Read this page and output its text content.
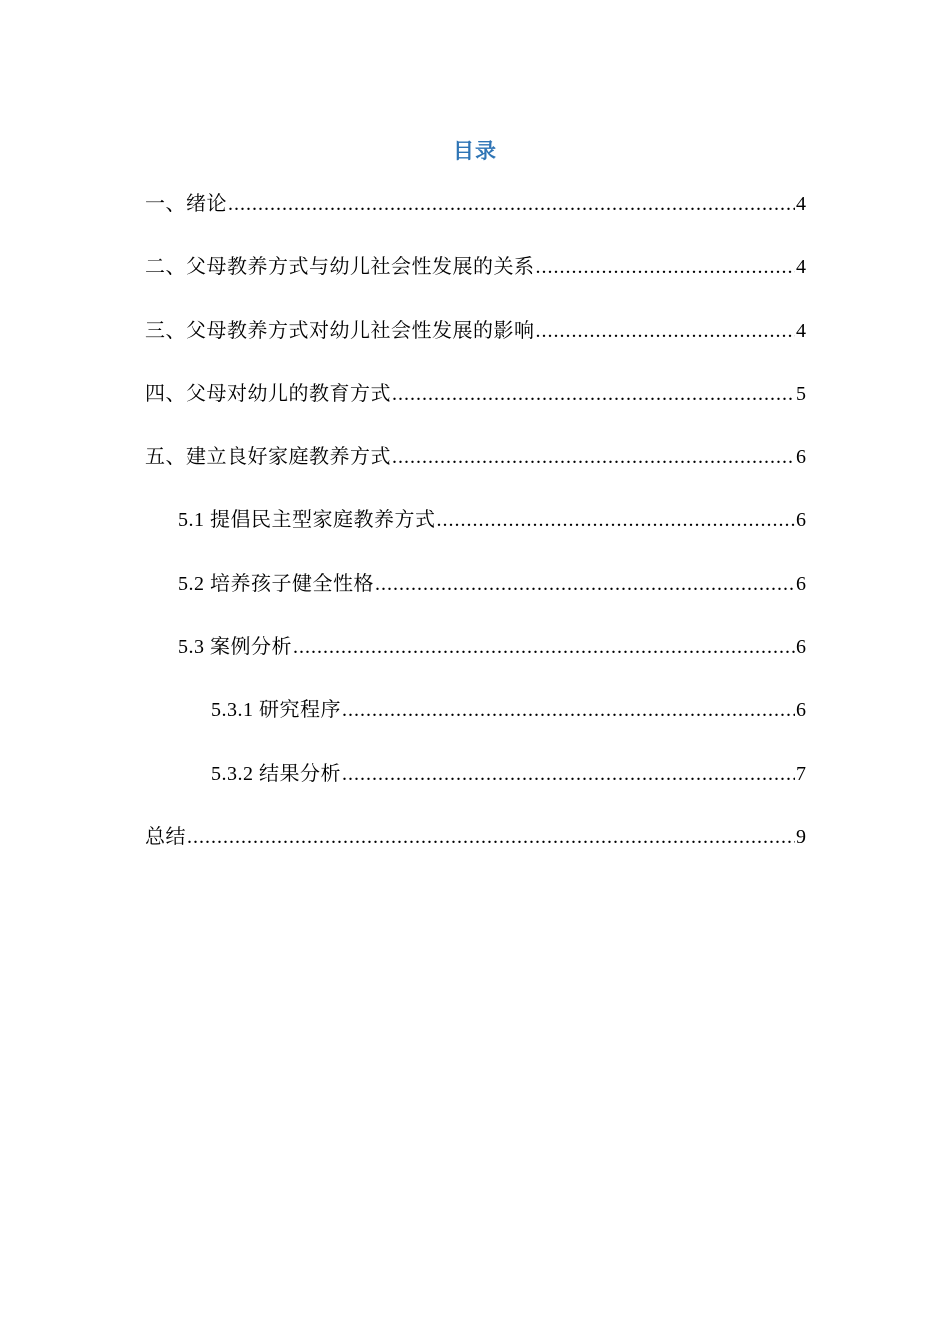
目录
一、绪论 .....	4
二、父母教养方式与幼儿社会性发展的关系 .....	4
三、父母教养方式对幼儿社会性发展的影响 .....	4
四、父母对幼儿的教育方式 .....	5
五、建立良好家庭教养方式 .....	6
5.1 提倡民主型家庭教养方式 .....	6
5.2 培养孩子健全性格 .....	6
5.3 案例分析 .....	6
5.3.1 研究程序 .....	6
5.3.2 结果分析 .....	7
总结 .....	9
